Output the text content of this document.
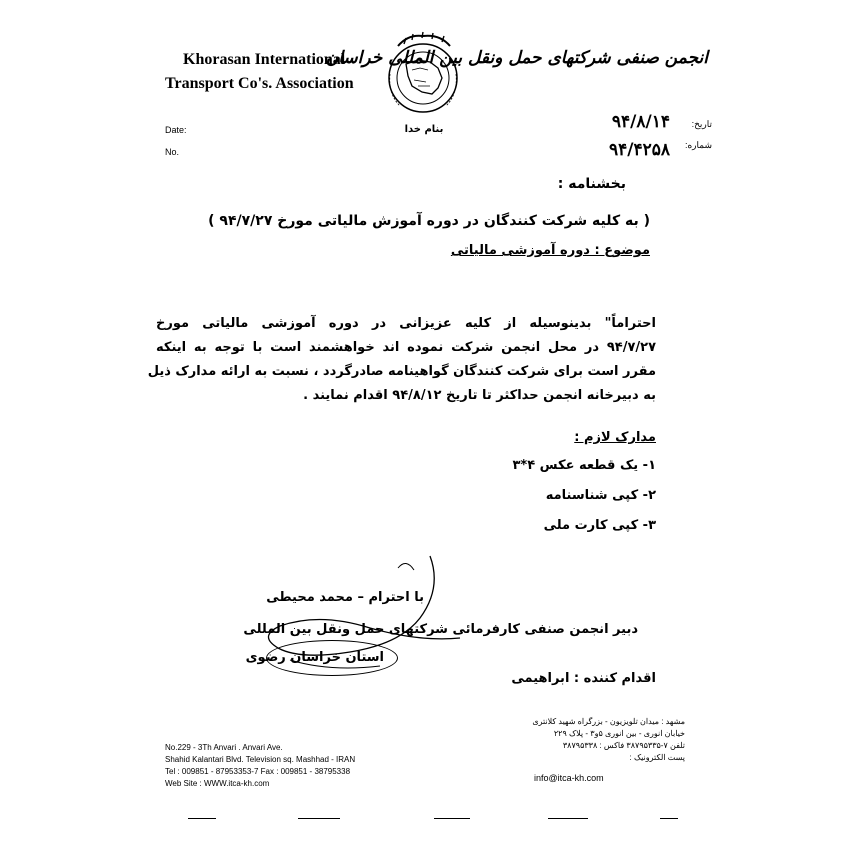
Khorasan International
Transport Co's. Association
بنام خدا
انجمن صنفی شرکتهای حمل ونقل بین المللی خراسان
Date:
No.
تاریخ:
شماره:
۹۴/۸/۱۴
۹۴/۴۲۵۸
بخشنامه :
( به کلیه شرکت کنندگان در دوره آموزش مالیاتی مورخ ۹۴/۷/۲۷ )
موضوع : دوره آموزشی مالیاتی
احتراماً" بدینوسیله از کلیه عزیزانی در دوره آموزشی مالیاتی مورخ
۹۴/۷/۲۷ در محل انجمن شرکت نموده اند خواهشمند است با توجه به اینکه
مقرر است برای شرکت کنندگان گواهینامه صادرگردد ، نسبت به ارائه مدارک ذیل
به دبیرخانه انجمن حداکثر تا تاریخ ۹۴/۸/۱۲ اقدام نمایند .
مدارک لازم :
۱- یک قطعه عکس ۴*۳
۲- کپی شناسنامه
۳- کپی کارت ملی
با احترام – محمد محیطی
دبیر انجمن صنفی کارفرمائی شرکتهای حمل ونقل بین المللی
استان خراسان رضوی
اقدام کننده : ابراهیمی
No.229 - 3Th Anvari . Anvari Ave.
Shahid Kalantari Blvd. Television sq. Mashhad - IRAN
Tel : 009851 - 87953353-7 Fax : 009851 - 38795338
Web Site : WWW.itca-kh.com
مشهد : میدان تلویزیون - بزرگراه شهید کلانتری
خیابان انوری - بین انوری ۵و۳ - پلاک ۲۲۹
تلفن ۷-۳۸۷۹۵۳۳۵ فاکس : ۳۸۷۹۵۳۳۸
پست الکترونیک :
info@itca-kh.com
